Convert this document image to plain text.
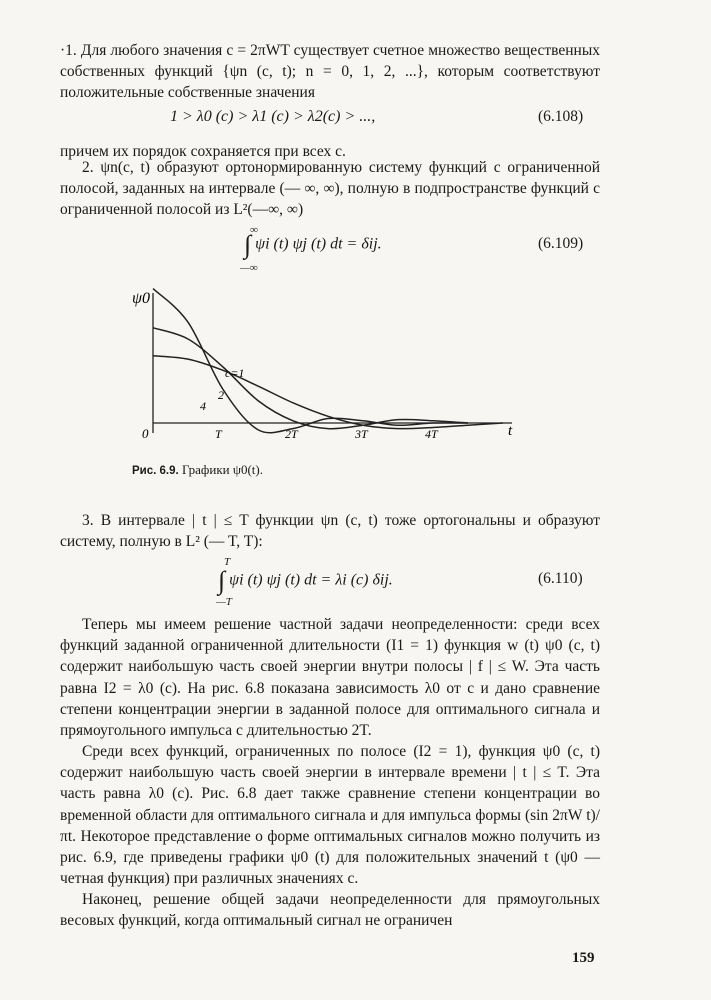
·1. Для любого значения c = 2πWT существует счетное множество вещественных собственных функций {ψn (c, t); n = 0, 1, 2, ...}, которым соответствуют положительные собственные значения

1 > λ0 (c) > λ1 (c) > λ2(c) > ...,	(6.108)

причем их порядок сохраняется при всех c.

2. ψn(c, t) образуют ортонормированную систему функций с ограниченной полосой, заданных на интервале (— ∞, ∞), полную в подпространстве функций с ограниченной полосой из L²(—∞, ∞)

∫ ψi (t) ψj (t) dt = δij.
∞
—∞
(6.109)
ψ0
t
0	T	2T	3T	4T
c=1
2
4
Рис. 6.9. Графики ψ0(t).

3. В интервале | t | ≤ T функции ψn (c, t) тоже ортогональны и образуют систему, полную в L² (— T, T):

∫ ψi (t) ψj (t) dt = λi (c) δij.
T
—T
(6.110)

Теперь мы имеем решение частной задачи неопределенности: среди всех функций заданной ограниченной длительности (I1 = 1) функция w (t) ψ0 (c, t) содержит наибольшую часть своей энергии внутри полосы | f | ≤ W. Эта часть равна I2 = λ0 (c). На рис. 6.8 показана зависимость λ0 от c и дано сравнение степени концентрации энергии в заданной полосе для оптимального сигнала и прямоугольного импульса с длительностью 2T.

Среди всех функций, ограниченных по полосе (I2 = 1), функция ψ0 (c, t) содержит наибольшую часть своей энергии в интервале времени | t | ≤ T. Эта часть равна λ0 (c). Рис. 6.8 дает также сравнение степени концентрации во временной области для оптимального сигнала и для импульса формы (sin 2πW t)/πt. Некоторое представление о форме оптимальных сигналов можно получить из рис. 6.9, где приведены графики ψ0 (t) для положительных значений t (ψ0 — четная функция) при различных значениях c.

Наконец, решение общей задачи неопределенности для прямоугольных весовых функций, когда оптимальный сигнал не ограничен

159
